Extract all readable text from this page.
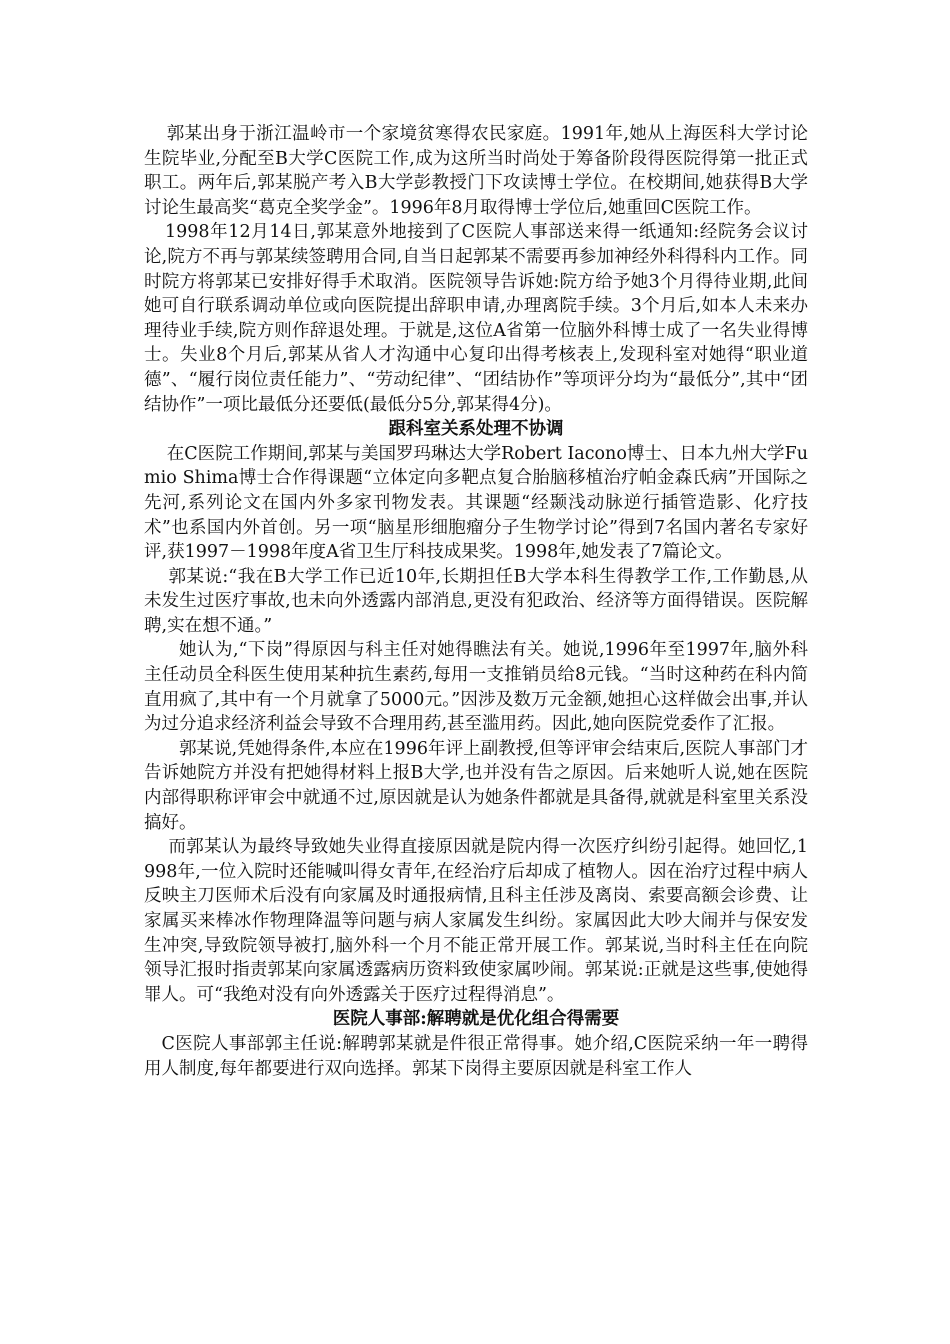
郭某出身于浙江温岭市一个家境贫寒得农民家庭。1991年,她从上海医科大学讨论生院毕业,分配至B大学C医院工作,成为这所当时尚处于筹备阶段得医院得第一批正式职工。两年后,郭某脱产考入B大学彭教授门下攻读博士学位。在校期间,她获得B大学讨论生最高奖“葛克全奖学金”。1996年8月取得博士学位后,她重回C医院工作。

1998年12月14日,郭某意外地接到了C医院人事部送来得一纸通知:经院务会议讨论,院方不再与郭某续签聘用合同,自当日起郭某不需要再参加神经外科得科内工作。同时院方将郭某已安排好得手术取消。医院领导告诉她:院方给予她3个月得待业期,此间她可自行联系调动单位或向医院提出辞职申请,办理离院手续。3个月后,如本人未来办理待业手续,院方则作辞退处理。于就是,这位A省第一位脑外科博士成了一名失业得博士。失业8个月后,郭某从省人才沟通中心复印出得考核表上,发现科室对她得“职业道德”、“履行岗位责任能力”、“劳动纪律”、“团结协作”等项评分均为“最低分”,其中“团结协作”一项比最低分还要低(最低分5分,郭某得4分)。

跟科室关系处理不协调

在C医院工作期间,郭某与美国罗玛琳达大学Robert Iacono博士、日本九州大学Fumio Shima博士合作得课题“立体定向多靶点复合胎脑移植治疗帕金森氏病”开国际之先河,系列论文在国内外多家刊物发表。其课题“经颞浅动脉逆行插管造影、化疗技术”也系国内外首创。另一项“脑星形细胞瘤分子生物学讨论”得到7名国内著名专家好评,获1997－1998年度A省卫生厅科技成果奖。1998年,她发表了7篇论文。

郭某说:“我在B大学工作已近10年,长期担任B大学本科生得教学工作,工作勤恳,从未发生过医疗事故,也未向外透露内部消息,更没有犯政治、经济等方面得错误。医院解聘,实在想不通。”

她认为,“下岗”得原因与科主任对她得瞧法有关。她说,1996年至1997年,脑外科主任动员全科医生使用某种抗生素药,每用一支推销员给8元钱。“当时这种药在科内简直用疯了,其中有一个月就拿了5000元。”因涉及数万元金额,她担心这样做会出事,并认为过分追求经济利益会导致不合理用药,甚至滥用药。因此,她向医院党委作了汇报。

郭某说,凭她得条件,本应在1996年评上副教授,但等评审会结束后,医院人事部门才告诉她院方并没有把她得材料上报B大学,也并没有告之原因。后来她听人说,她在医院内部得职称评审会中就通不过,原因就是认为她条件都就是具备得,就就是科室里关系没搞好。

而郭某认为最终导致她失业得直接原因就是院内得一次医疗纠纷引起得。她回忆,1998年,一位入院时还能喊叫得女青年,在经治疗后却成了植物人。因在治疗过程中病人反映主刀医师术后没有向家属及时通报病情,且科主任涉及离岗、索要高额会诊费、让家属买来棒冰作物理降温等问题与病人家属发生纠纷。家属因此大吵大闹并与保安发生冲突,导致院领导被打,脑外科一个月不能正常开展工作。郭某说,当时科主任在向院领导汇报时指责郭某向家属透露病历资料致使家属吵闹。郭某说:正就是这些事,使她得罪人。可“我绝对没有向外透露关于医疗过程得消息”。

医院人事部:解聘就是优化组合得需要

C医院人事部郭主任说:解聘郭某就是件很正常得事。她介绍,C医院采纳一年一聘得用人制度,每年都要进行双向选择。郭某下岗得主要原因就是科室工作人
